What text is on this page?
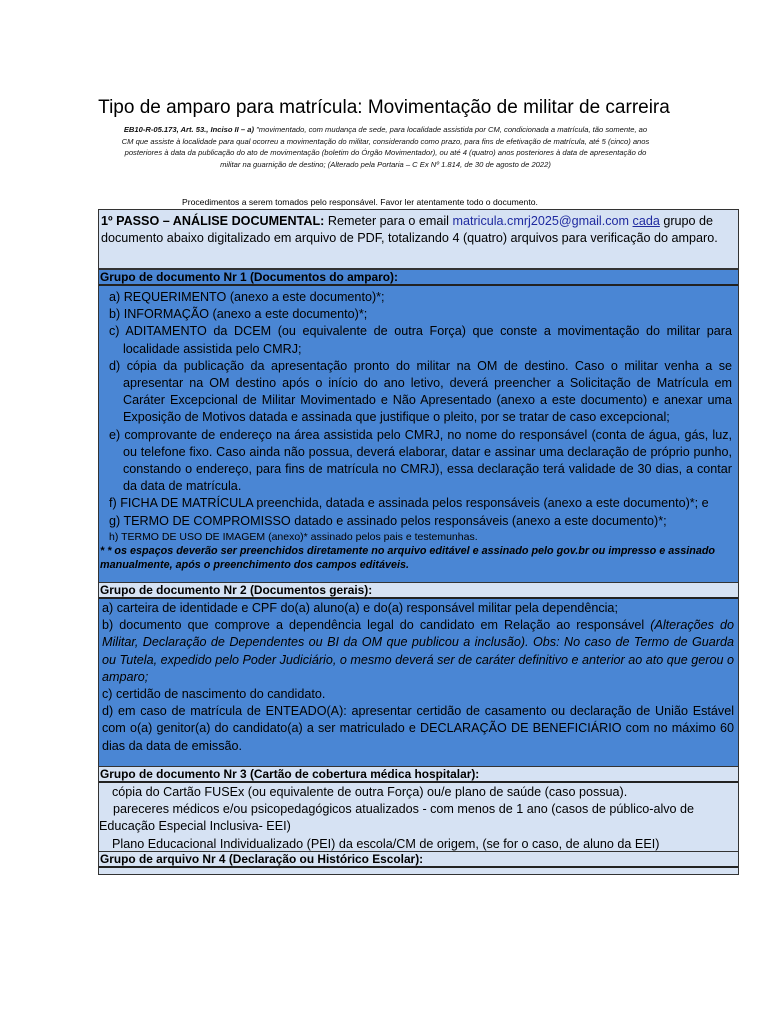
Tipo de amparo para matrícula: Movimentação de militar de carreira
EB10-R-05.173, Art. 53., Inciso II – a) "movimentado, com mudança de sede, para localidade assistida por CM, condicionada a matrícula, tão somente, ao CM que assiste à localidade para qual ocorreu a movimentação do militar, considerando como prazo, para fins de efetivação de matrícula, até 5 (cinco) anos posteriores à data da publicação do ato de movimentação (boletim do Órgão Movimentador), ou até 4 (quatro) anos posteriores à data de apresentação do militar na guarnição de destino; (Alterado pela Portaria – C Ex Nº 1.814, de 30 de agosto de 2022)
Procedimentos a serem tomados pelo responsável. Favor ler atentamente todo o documento.
1º PASSO – ANÁLISE DOCUMENTAL: Remeter para o email matricula.cmrj2025@gmail.com cada grupo de documento abaixo digitalizado em arquivo de PDF, totalizando 4 (quatro) arquivos para verificação do amparo.
Grupo de documento Nr 1 (Documentos do amparo):
a) REQUERIMENTO (anexo a este documento)*;
b) INFORMAÇÃO (anexo a este documento)*;
c) ADITAMENTO da DCEM (ou equivalente de outra Força) que conste a movimentação do militar para localidade assistida pelo CMRJ;
d) cópia da publicação da apresentação pronto do militar na OM de destino. Caso o militar venha a se apresentar na OM destino após o início do ano letivo, deverá preencher a Solicitação de Matrícula em Caráter Excepcional de Militar Movimentado e Não Apresentado (anexo a este documento) e anexar uma Exposição de Motivos datada e assinada que justifique o pleito, por se tratar de caso excepcional;
e) comprovante de endereço na área assistida pelo CMRJ, no nome do responsável (conta de água, gás, luz, ou telefone fixo. Caso ainda não possua, deverá elaborar, datar e assinar uma declaração de próprio punho, constando o endereço, para fins de matrícula no CMRJ), essa declaração terá validade de 30 dias, a contar da data de matrícula.
f) FICHA DE MATRÍCULA preenchida, datada e assinada pelos responsáveis (anexo a este documento)*; e
g) TERMO DE COMPROMISSO datado e assinado pelos responsáveis (anexo a este documento)*;
h) TERMO DE USO DE IMAGEM (anexo)* assinado pelos pais e testemunhas.
* * os espaços deverão ser preenchidos diretamente no arquivo editável e assinado pelo gov.br ou impresso e assinado manualmente, após o preenchimento dos campos editáveis.
Grupo de documento Nr 2 (Documentos gerais):
a) carteira de identidade e CPF do(a) aluno(a) e do(a) responsável militar pela dependência;
b) documento que comprove a dependência legal do candidato em Relação ao responsável (Alterações do Militar, Declaração de Dependentes ou BI da OM que publicou a inclusão). Obs: No caso de Termo de Guarda ou Tutela, expedido pelo Poder Judiciário, o mesmo deverá ser de caráter definitivo e anterior ao ato que gerou o amparo;
c) certidão de nascimento do candidato.
d) em caso de matrícula de ENTEADO(A): apresentar certidão de casamento ou declaração de União Estável com o(a) genitor(a) do candidato(a) a ser matriculado e DECLARAÇÃO DE BENEFICIÁRIO com no máximo 60 dias da data de emissão.
Grupo de documento Nr 3 (Cartão de cobertura médica hospitalar):
cópia do Cartão FUSEx (ou equivalente de outra Força) ou/e plano de saúde (caso possua).
pareceres médicos e/ou psicopedagógicos atualizados - com menos de 1 ano (casos de público-alvo de Educação Especial Inclusiva- EEI)
Plano Educacional Individualizado (PEI) da escola/CM de origem, (se for o caso, de aluno da EEI)
Grupo de arquivo Nr 4 (Declaração ou Histórico Escolar):
